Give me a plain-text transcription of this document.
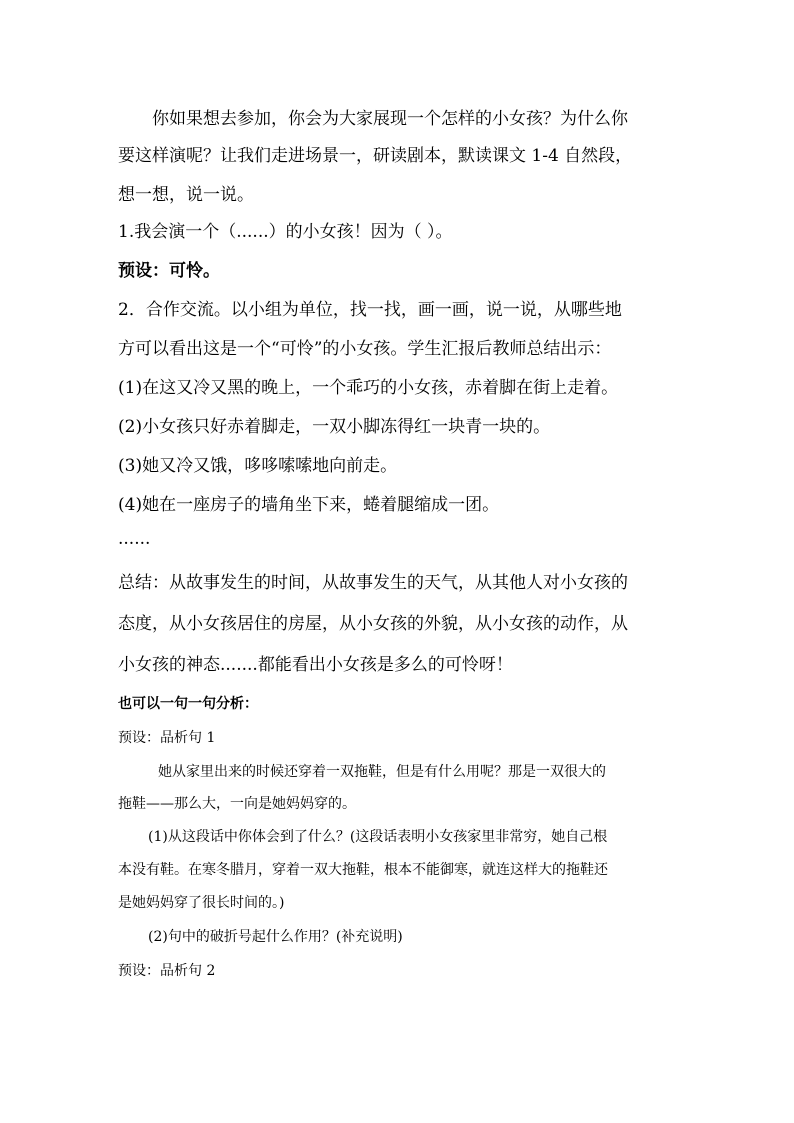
你如果想去参加，你会为大家展现一个怎样的小女孩？为什么你
要这样演呢？让我们走进场景一，研读剧本，默读课文 1-4 自然段，
想一想，说一说。
1.我会演一个（......）的小女孩！因为（ ）。
预设：可怜。
2．合作交流。以小组为单位，找一找，画一画，说一说，从哪些地
方可以看出这是一个“可怜”的小女孩。学生汇报后教师总结出示：
(1)在这又冷又黑的晚上，一个乖巧的小女孩，赤着脚在街上走着。
(2)小女孩只好赤着脚走，一双小脚冻得红一块青一块的。
(3)她又冷又饿，哆哆嗦嗦地向前走。
(4)她在一座房子的墙角坐下来，蜷着腿缩成一团。
......
总结：从故事发生的时间，从故事发生的天气，从其他人对小女孩的
态度，从小女孩居住的房屋，从小女孩的外貌，从小女孩的动作，从
小女孩的神态.......都能看出小女孩是多么的可怜呀！
也可以一句一句分析：
预设：品析句 1
她从家里出来的时候还穿着一双拖鞋，但是有什么用呢？那是一双很大的
拖鞋——那么大，一向是她妈妈穿的。
(1)从这段话中你体会到了什么？(这段话表明小女孩家里非常穷，她自己根
本没有鞋。在寒冬腊月，穿着一双大拖鞋，根本不能御寒，就连这样大的拖鞋还
是她妈妈穿了很长时间的。)
(2)句中的破折号起什么作用？(补充说明)
预设：品析句 2
